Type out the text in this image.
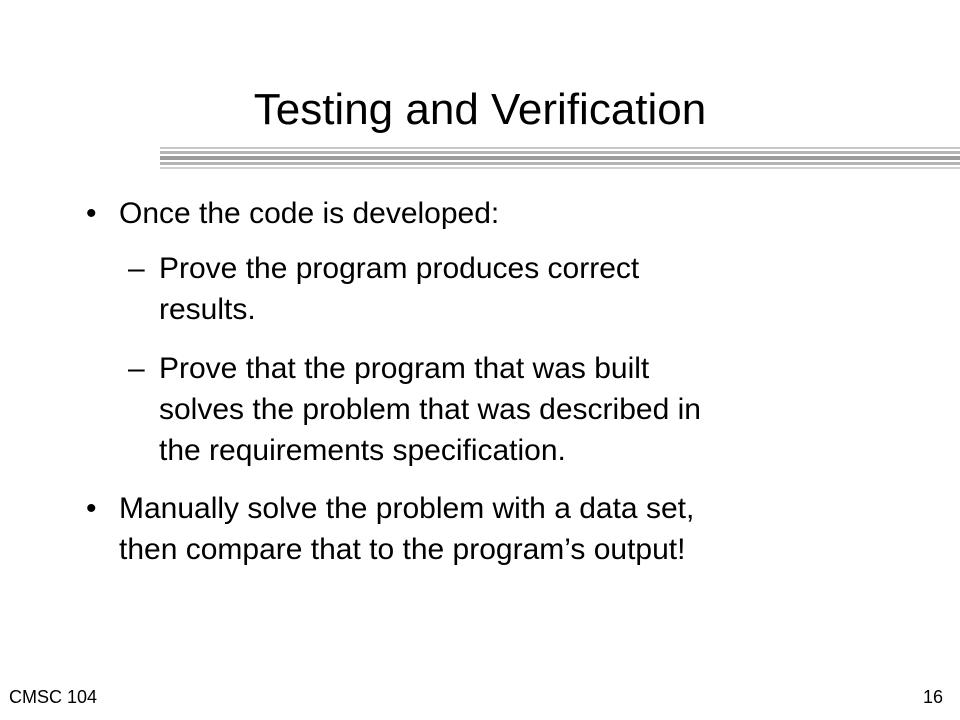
Testing and Verification
• Once the code is developed:
– Prove the program produces correct
results.
– Prove that the program that was built
solves the problem that was described in
the requirements specification.
• Manually solve the problem with a data set,
then compare that to the program’s output!
CMSC 104	16
